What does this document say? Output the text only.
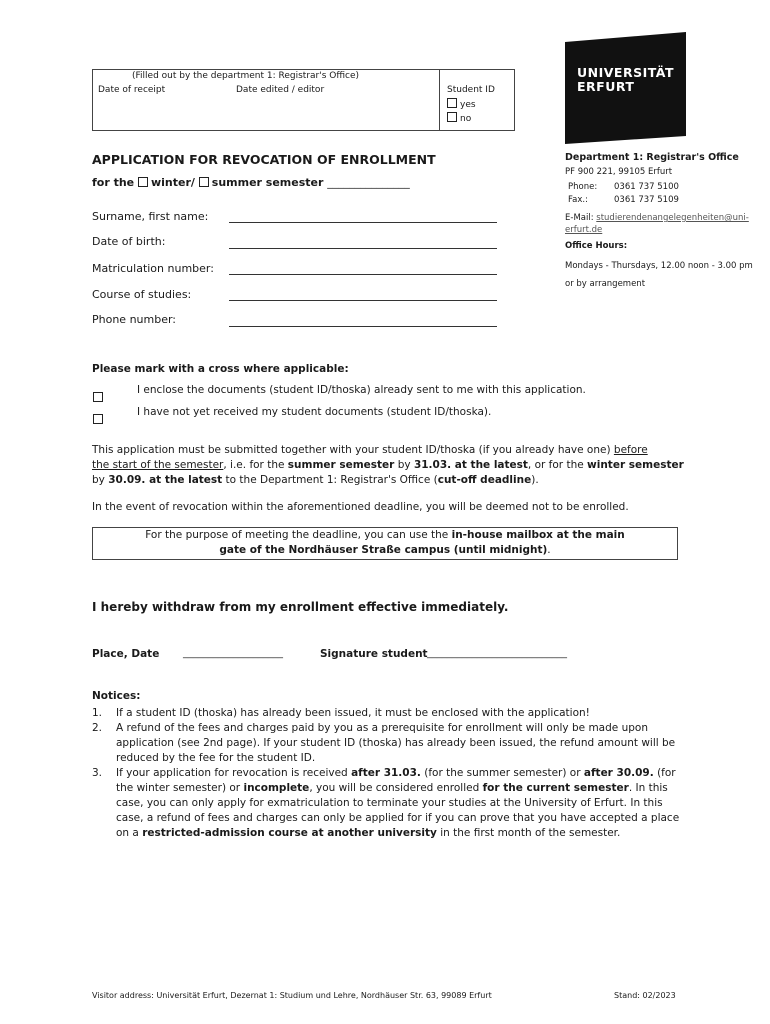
(Filled out by the department 1: Registrar's Office)
Date of receipt	Date edited / editor	Student ID
yes
no
UNIVERSITÄT
ERFURT
APPLICATION FOR REVOCATION OF ENROLLMENT
for the winter/ summer semester _______________
Surname, first name:
Date of birth:
Matriculation number:
Course of studies:
Phone number:
Department 1: Registrar's Office
PF 900 221, 99105 Erfurt
Phone: 0361 737 5100
Fax.:	0361 737 5109
E-Mail: studierendenangelegenheiten@uni-
erfurt.de
Office Hours:
Mondays - Thursdays, 12.00 noon - 3.00 pm
or by arrangement
Please mark with a cross where applicable:
I enclose the documents (student ID/thoska) already sent to me with this application.
I have not yet received my student documents (student ID/thoska).
This application must be submitted together with your student ID/thoska (if you already have one) before
the start of the semester, i.e. for the summer semester by 31.03. at the latest, or for the winter semester
by 30.09. at the latest to the Department 1: Registrar's Office (cut-off deadline).
In the event of revocation within the aforementioned deadline, you will be deemed not to be enrolled.
For the purpose of meeting the deadline, you can use the in-house mailbox at the main
gate of the Nordhäuser Straße campus (until midnight).
I hereby withdraw from my enrollment effective immediately.
Place, Date ____________________	Signature student ____________________________
Notices:
1. If a student ID (thoska) has already been issued, it must be enclosed with the application!
2. A refund of the fees and charges paid by you as a prerequisite for enrollment will only be made upon application (see 2nd page). If your student ID (thoska) has already been issued, the refund amount will be reduced by the fee for the student ID.
3. If your application for revocation is received after 31.03. (for the summer semester) or after 30.09. (for the winter semester) or incomplete, you will be considered enrolled for the current semester. In this case, you can only apply for exmatriculation to terminate your studies at the University of Erfurt. In this case, a refund of fees and charges can only be applied for if you can prove that you have accepted a place on a restricted-admission course at another university in the first month of the semester.
Visitor address: Universität Erfurt, Dezernat 1: Studium und Lehre, Nordhäuser Str. 63, 99089 Erfurt	Stand: 02/2023
